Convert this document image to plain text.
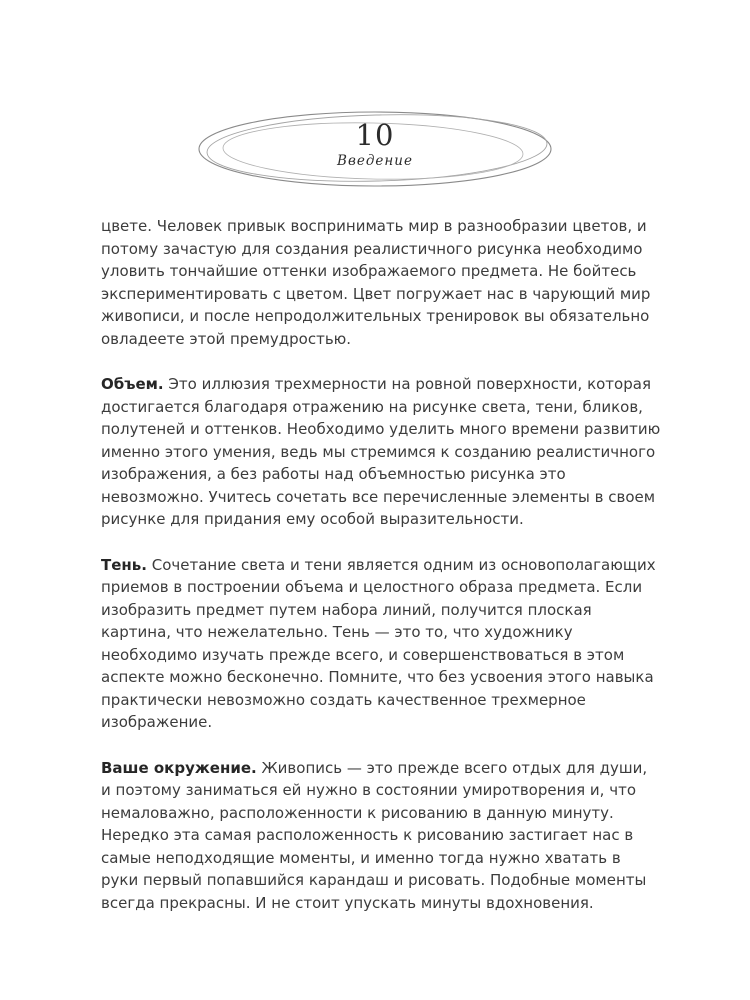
10
Введение

цвете. Человек привык воспринимать мир в разнообразии цветов, и потому зачастую для создания реалистичного рисунка необходимо уловить тончайшие оттенки изображаемого предмета. Не бойтесь экспериментировать с цветом. Цвет погружает нас в чарующий мир живописи, и после непродолжительных тренировок вы обязательно овладеете этой премудростью.

Объем. Это иллюзия трехмерности на ровной поверхности, которая достигается благодаря отражению на рисунке света, тени, бликов, полутеней и оттенков. Необходимо уделить много времени развитию именно этого умения, ведь мы стремимся к созданию реалистичного изображения, а без работы над объемностью рисунка это невозможно. Учитесь сочетать все перечисленные элементы в своем рисунке для придания ему особой выразительности.

Тень. Сочетание света и тени является одним из основополагающих приемов в построении объема и целостного образа предмета. Если изобразить предмет путем набора линий, получится плоская картина, что нежелательно. Тень — это то, что художнику необходимо изучать прежде всего, и совершенствоваться в этом аспекте можно бесконечно. Помните, что без усвоения этого навыка практически невозможно создать качественное трехмерное изображение.

Ваше окружение. Живопись — это прежде всего отдых для души, и поэтому заниматься ей нужно в состоянии умиротворения и, что немаловажно, расположенности к рисованию в данную минуту. Нередко эта самая расположенность к рисованию застигает нас в самые неподходящие моменты, и именно тогда нужно хватать в руки первый попавшийся карандаш и рисовать. Подобные моменты всегда прекрасны. И не стоит упускать минуты вдохновения.
